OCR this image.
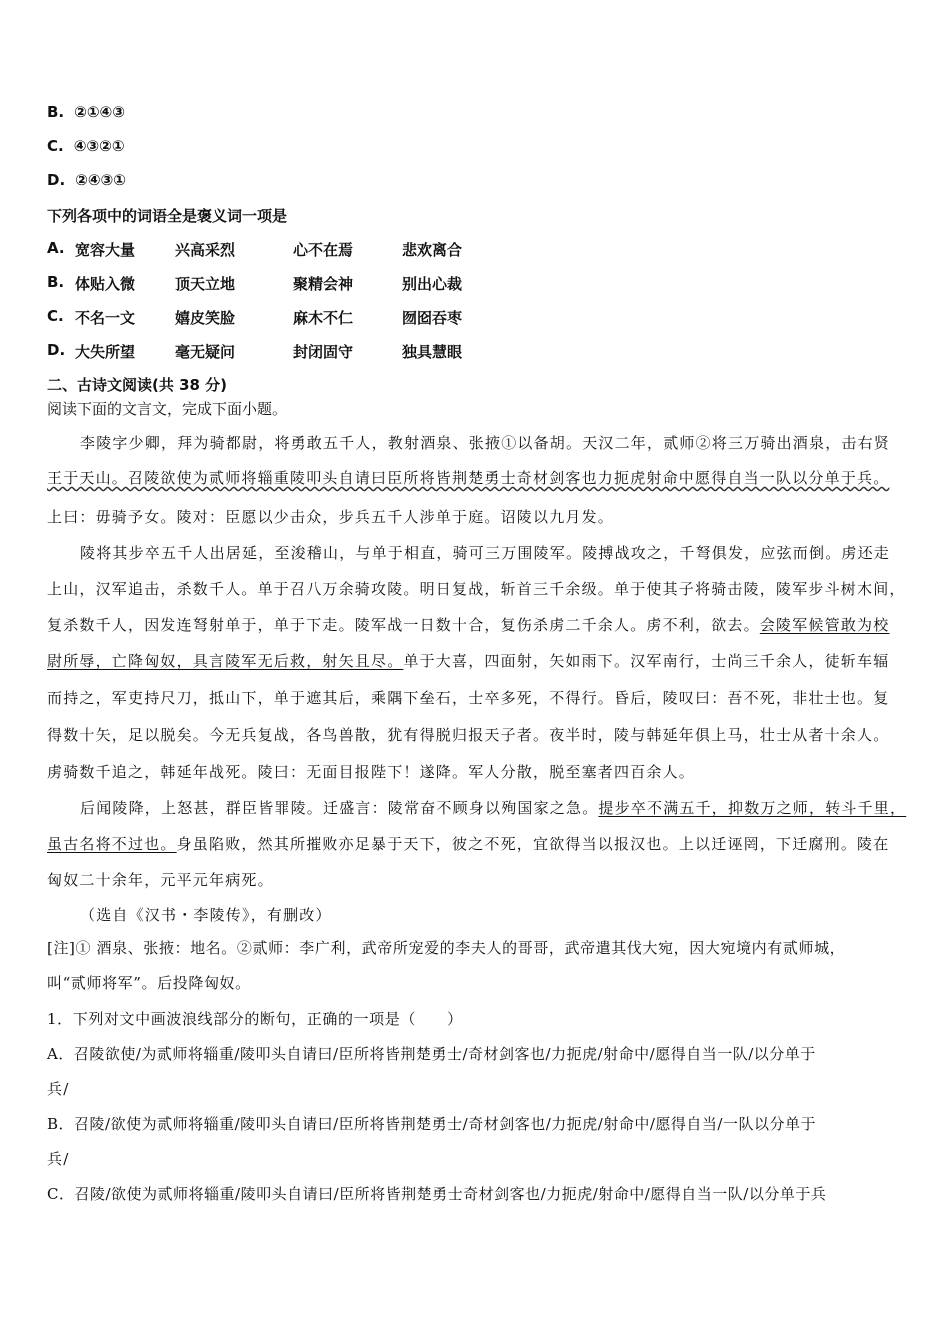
B. ②①④③
C. ④③②①
D. ②④③①
下列各项中的词语全是褒义词一项是
A. 宽容大量	兴高采烈	心不在焉	悲欢离合
B. 体贴入微	顶天立地	聚精会神	别出心裁
C. 不名一文	嬉皮笑脸	麻木不仁	囫囵吞枣
D. 大失所望	毫无疑问	封闭固守	独具慧眼
二、古诗文阅读(共 38 分)
阅读下面的文言文，完成下面小题。
李陵字少卿，拜为骑都尉，将勇敢五千人，教射酒泉、张掖①以备胡。天汉二年，贰师②将三万骑出酒泉，击右贤
王于天山。召陵欲使为贰师将辎重陵叩头自请曰臣所将皆荆楚勇士奇材剑客也力扼虎射命中愿得自当一队以分单于兵。
上曰：毋骑予女。陵对：臣愿以少击众，步兵五千人涉单于庭。诏陵以九月发。
陵将其步卒五千人出居延，至浚稽山，与单于相直，骑可三万围陵军。陵搏战攻之，千弩俱发，应弦而倒。虏还走
上山，汉军追击，杀数千人。单于召八万余骑攻陵。明日复战，斩首三千余级。单于使其子将骑击陵，陵军步斗树木间，
复杀数千人，因发连弩射单于，单于下走。陵军战一日数十合，复伤杀虏二千余人。虏不利，欲去。会陵军候管敢为校
尉所辱，亡降匈奴，具言陵军无后救，射矢且尽。单于大喜，四面射，矢如雨下。汉军南行，士尚三千余人，徒斩车辐
而持之，军吏持尺刀，抵山下，单于遮其后，乘隅下垒石，士卒多死，不得行。昏后，陵叹曰：吾不死，非壮士也。复
得数十矢，足以脱矣。今无兵复战，各鸟兽散，犹有得脱归报天子者。夜半时，陵与韩延年俱上马，壮士从者十余人。
虏骑数千追之，韩延年战死。陵曰：无面目报陛下！遂降。军人分散，脱至塞者四百余人。
后闻陵降，上怒甚，群臣皆罪陵。迁盛言：陵常奋不顾身以殉国家之急。提步卒不满五千，抑数万之师，转斗千里，
虽古名将不过也。身虽陷败，然其所摧败亦足暴于天下，彼之不死，宜欲得当以报汉也。上以迁诬罔，下迁腐刑。陵在
匈奴二十余年，元平元年病死。
（选自《汉书・李陵传》，有删改）
[注]① 酒泉、张掖：地名。②贰师：李广利，武帝所宠爱的李夫人的哥哥，武帝遣其伐大宛，因大宛境内有贰师城，
叫“贰师将军”。后投降匈奴。
1．下列对文中画波浪线部分的断句，正确的一项是（　　）
A．召陵欲使/为贰师将辎重/陵叩头自请曰/臣所将皆荆楚勇士/奇材剑客也/力扼虎/射命中/愿得自当一队/以分单于
兵/
B．召陵/欲使为贰师将辎重/陵叩头自请曰/臣所将皆荆楚勇士/奇材剑客也/力扼虎/射命中/愿得自当/一队以分单于
兵/
C．召陵/欲使为贰师将辎重/陵叩头自请曰/臣所将皆荆楚勇士奇材剑客也/力扼虎/射命中/愿得自当一队/以分单于兵
